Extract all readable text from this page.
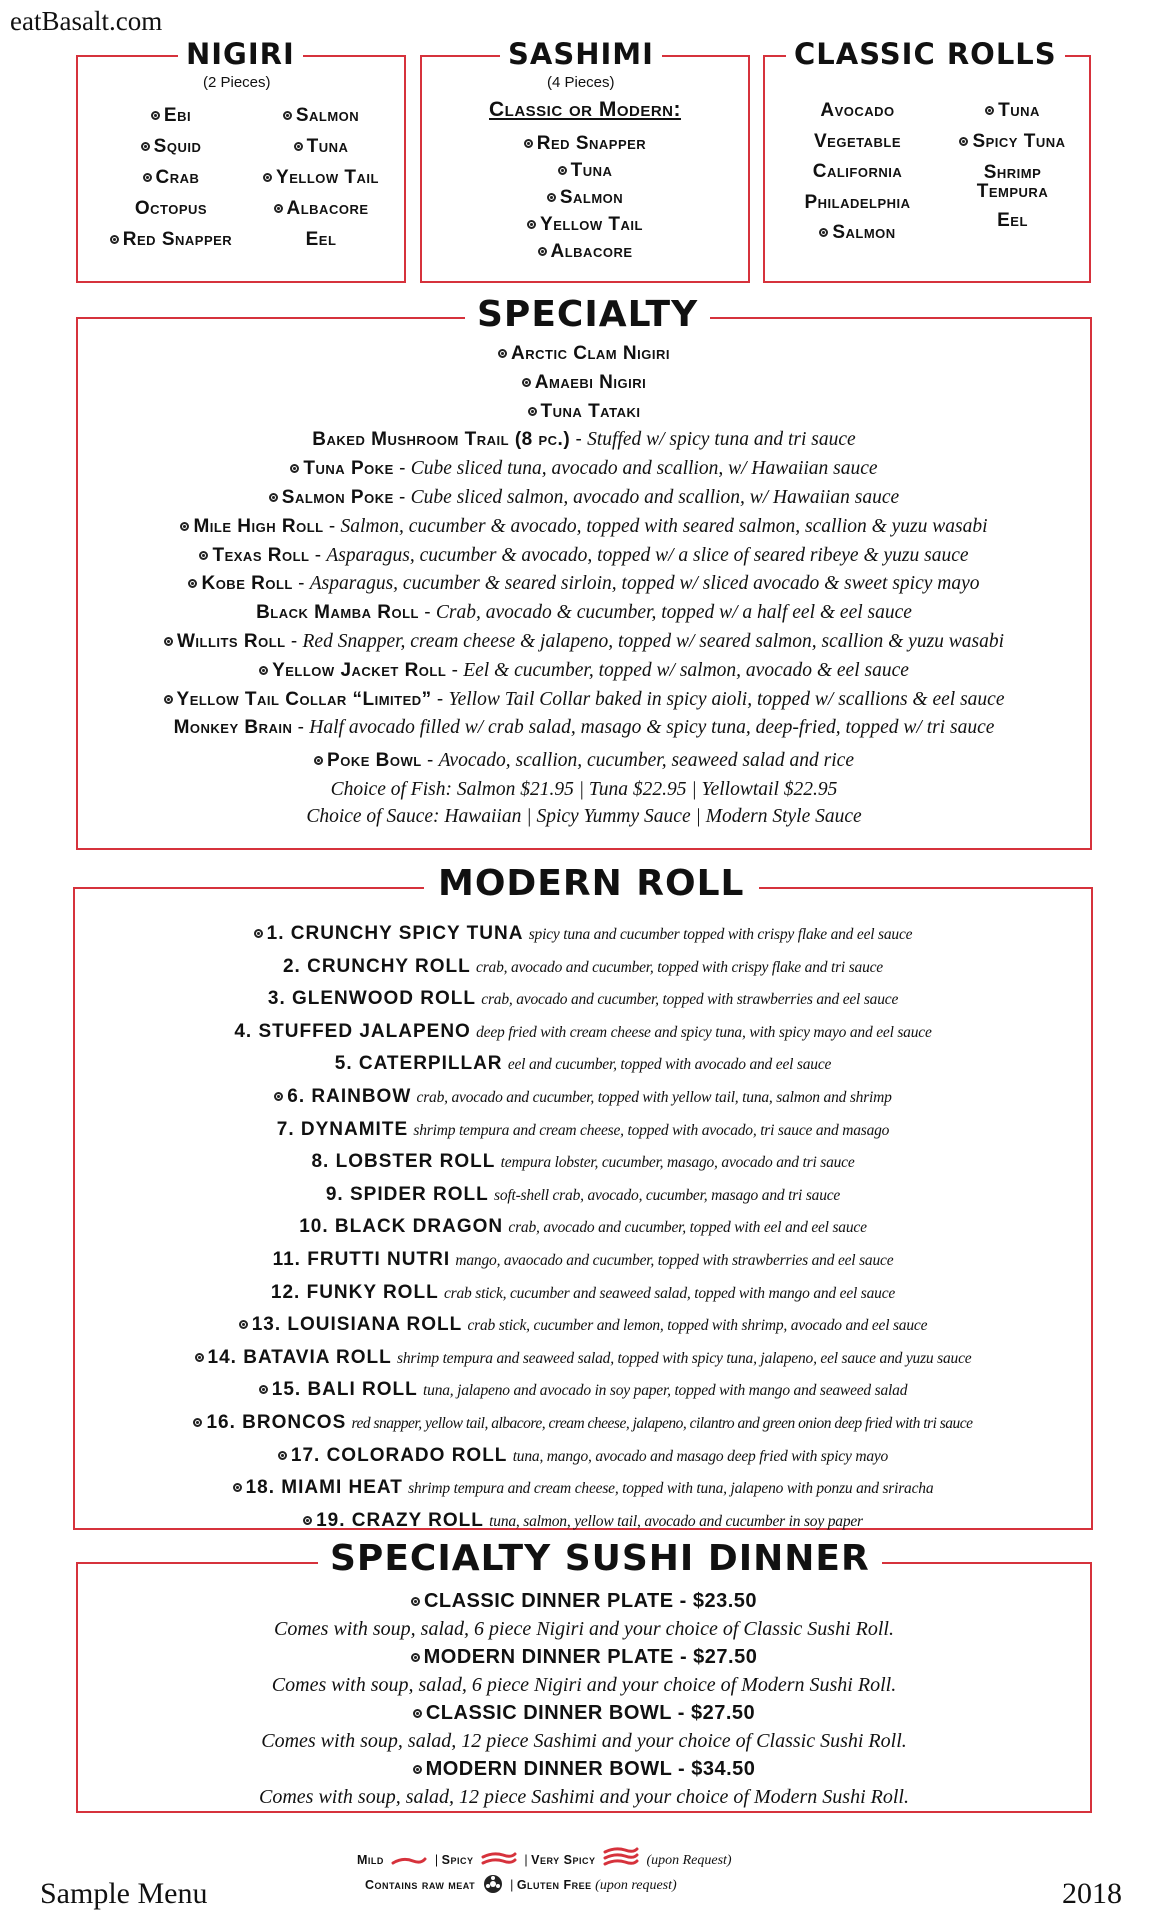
eatBasalt.com
NIGIRI
(2 Pieces)
Ebi
Squid
Crab
Octopus
Red Snapper
Salmon
Tuna
Yellow Tail
Albacore
Eel
SASHIMI
(4 Pieces)
Classic or Modern:
Red Snapper
Tuna
Salmon
Yellow Tail
Albacore
CLASSIC ROLLS
Avocado
Vegetable
California
Philadelphia
Salmon
Tuna
Spicy Tuna
Shrimp Tempura
Eel
SPECIALTY
Arctic Clam Nigiri
Amaebi Nigiri
Tuna Tataki
Baked Mushroom Trail (8 pc.) - Stuffed w/ spicy tuna and tri sauce
Tuna Poke - Cube sliced tuna, avocado and scallion, w/ Hawaiian sauce
Salmon Poke - Cube sliced salmon, avocado and scallion, w/ Hawaiian sauce
Mile High Roll - Salmon, cucumber & avocado, topped with seared salmon, scallion & yuzu wasabi
Texas Roll - Asparagus, cucumber & avocado, topped w/ a slice of seared ribeye & yuzu sauce
Kobe Roll - Asparagus, cucumber & seared sirloin, topped w/ sliced avocado & sweet spicy mayo
Black Mamba Roll - Crab, avocado & cucumber, topped w/ a half eel & eel sauce
Willits Roll - Red Snapper, cream cheese & jalapeno, topped w/ seared salmon, scallion & yuzu wasabi
Yellow Jacket Roll - Eel & cucumber, topped w/ salmon, avocado & eel sauce
Yellow Tail Collar “Limited” - Yellow Tail Collar baked in spicy aioli, topped w/ scallions & eel sauce
Monkey Brain - Half avocado filled w/ crab salad, masago & spicy tuna, deep-fried, topped w/ tri sauce
Poke Bowl - Avocado, scallion, cucumber, seaweed salad and rice
Choice of Fish: Salmon $21.95 | Tuna $22.95 | Yellowtail $22.95
Choice of Sauce: Hawaiian | Spicy Yummy Sauce | Modern Style Sauce
MODERN ROLL
1. CRUNCHY SPICY TUNA spicy tuna and cucumber topped with crispy flake and eel sauce
2. CRUNCHY ROLL crab, avocado and cucumber, topped with crispy flake and tri sauce
3. GLENWOOD ROLL crab, avocado and cucumber, topped with strawberries and eel sauce
4. STUFFED JALAPENO deep fried with cream cheese and spicy tuna, with spicy mayo and eel sauce
5. CATERPILLAR eel and cucumber, topped with avocado and eel sauce
6. RAINBOW crab, avocado and cucumber, topped with yellow tail, tuna, salmon and shrimp
7. DYNAMITE shrimp tempura and cream cheese, topped with avocado, tri sauce and masago
8. LOBSTER ROLL tempura lobster, cucumber, masago, avocado and tri sauce
9. SPIDER ROLL soft-shell crab, avocado, cucumber, masago and tri sauce
10. BLACK DRAGON crab, avocado and cucumber, topped with eel and eel sauce
11. FRUTTI NUTRI mango, avaocado and cucumber, topped with strawberries and eel sauce
12. FUNKY ROLL crab stick, cucumber and seaweed salad, topped with mango and eel sauce
13. LOUISIANA ROLL crab stick, cucumber and lemon, topped with shrimp, avocado and eel sauce
14. BATAVIA ROLL shrimp tempura and seaweed salad, topped with spicy tuna, jalapeno, eel sauce and yuzu sauce
15. BALI ROLL tuna, jalapeno and avocado in soy paper, topped with mango and seaweed salad
16. BRONCOS red snapper, yellow tail, albacore, cream cheese, jalapeno, cilantro and green onion deep fried with tri sauce
17. COLORADO ROLL tuna, mango, avocado and masago deep fried with spicy mayo
18. MIAMI HEAT shrimp tempura and cream cheese, topped with tuna, jalapeno with ponzu and sriracha
19. CRAZY ROLL tuna, salmon, yellow tail, avocado and cucumber in soy paper
SPECIALTY SUSHI DINNER
CLASSIC DINNER PLATE - $23.50
Comes with soup, salad, 6 piece Nigiri and your choice of Classic Sushi Roll.
MODERN DINNER PLATE - $27.50
Comes with soup, salad, 6 piece Nigiri and your choice of Modern Sushi Roll.
CLASSIC DINNER BOWL - $27.50
Comes with soup, salad, 12 piece Sashimi and your choice of Classic Sushi Roll.
MODERN DINNER BOWL - $34.50
Comes with soup, salad, 12 piece Sashimi and your choice of Modern Sushi Roll.
Mild	| Spicy	| Very Spicy	(upon Request)
Contains raw meat	| Gluten Free (upon request)
Sample Menu	2018
